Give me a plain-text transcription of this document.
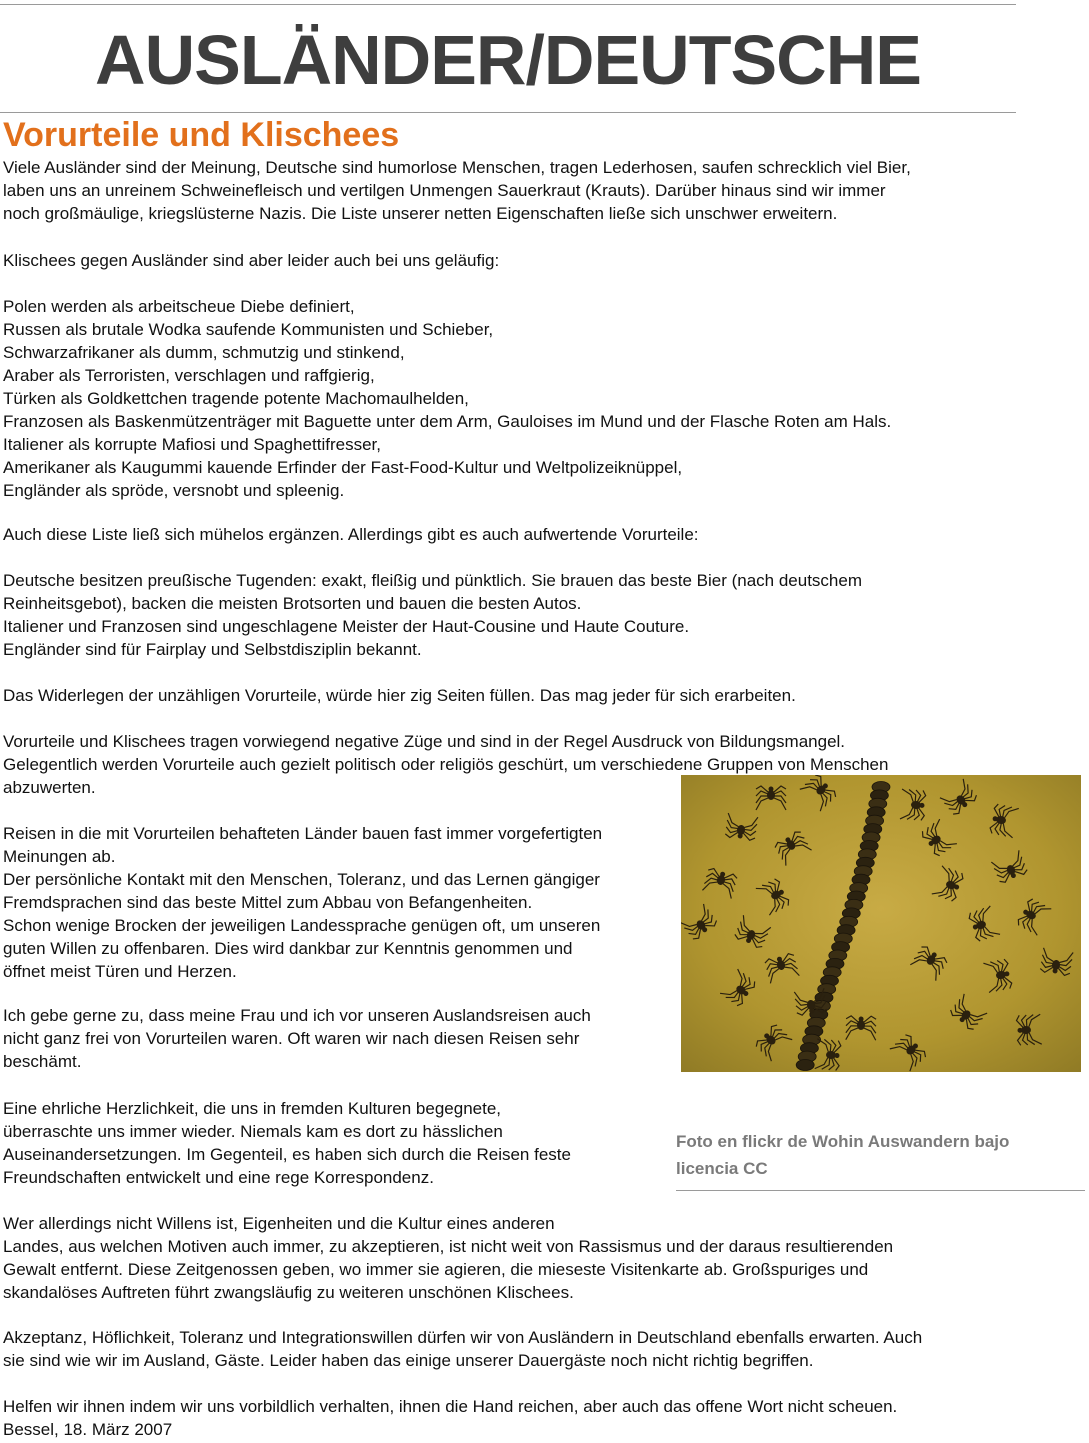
AUSLÄNDER/DEUTSCHE
Vorurteile und Klischees
Viele Ausländer sind der Meinung, Deutsche sind humorlose Menschen, tragen Lederhosen, saufen schrecklich viel Bier,
laben uns an unreinem Schweinefleisch und vertilgen Unmengen Sauerkraut (Krauts). Darüber hinaus sind wir immer
noch großmäulige, kriegslüsterne Nazis. Die Liste unserer netten Eigenschaften ließe sich unschwer erweitern.
Klischees gegen Ausländer sind aber leider auch bei uns geläufig:
Polen werden als arbeitscheue Diebe definiert,
Russen als brutale Wodka saufende Kommunisten und Schieber,
Schwarzafrikaner als dumm, schmutzig und stinkend,
Araber als Terroristen, verschlagen und raffgierig,
Türken als Goldkettchen tragende potente Machomaulhelden,
Franzosen als Baskenmützenträger mit Baguette unter dem Arm, Gauloises im Mund und der Flasche Roten am Hals.
Italiener als korrupte Mafiosi und Spaghettifresser,
Amerikaner als Kaugummi kauende Erfinder der Fast-Food-Kultur und Weltpolizeiknüppel,
Engländer als spröde, versnobt und spleenig.
Auch diese Liste ließ sich mühelos ergänzen. Allerdings gibt es auch aufwertende Vorurteile:
Deutsche besitzen preußische Tugenden: exakt, fleißig und pünktlich. Sie brauen das beste Bier (nach deutschem
Reinheitsgebot), backen die meisten Brotsorten und bauen die besten Autos.
Italiener und Franzosen sind ungeschlagene Meister der Haut-Cousine und Haute Couture.
Engländer sind für Fairplay und Selbstdisziplin bekannt.
Das Widerlegen der unzähligen Vorurteile, würde hier zig Seiten füllen. Das mag jeder für sich erarbeiten.
Vorurteile und Klischees tragen vorwiegend negative Züge und sind in der Regel Ausdruck von Bildungsmangel.
Gelegentlich werden Vorurteile auch gezielt politisch oder religiös geschürt, um verschiedene Gruppen von Menschen
abzuwerten.
Foto en flickr de Wohin Auswandern bajo
licencia CC
Reisen in die mit Vorurteilen behafteten Länder bauen fast immer vorgefertigten
Meinungen ab.
Der persönliche Kontakt mit den Menschen, Toleranz, und das Lernen gängiger
Fremdsprachen sind das beste Mittel zum Abbau von Befangenheiten.
Schon wenige Brocken der jeweiligen Landessprache genügen oft, um unseren
guten Willen zu offenbaren. Dies wird dankbar zur Kenntnis genommen und
öffnet meist Türen und Herzen.
Ich gebe gerne zu, dass meine Frau und ich vor unseren Auslandsreisen auch
nicht ganz frei von Vorurteilen waren. Oft waren wir nach diesen Reisen sehr
beschämt.
Eine ehrliche Herzlichkeit, die uns in fremden Kulturen begegnete,
überraschte uns immer wieder. Niemals kam es dort zu hässlichen
Auseinandersetzungen. Im Gegenteil, es haben sich durch die Reisen feste
Freundschaften entwickelt und eine rege Korrespondenz.
Wer allerdings nicht Willens ist, Eigenheiten und die Kultur eines anderen
Landes, aus welchen Motiven auch immer, zu akzeptieren, ist nicht weit von Rassismus und der daraus resultierenden
Gewalt entfernt. Diese Zeitgenossen geben, wo immer sie agieren, die mieseste Visitenkarte ab. Großspuriges und
skandalöses Auftreten führt zwangsläufig zu weiteren unschönen Klischees.
Akzeptanz, Höflichkeit, Toleranz und Integrationswillen dürfen wir von Ausländern in Deutschland ebenfalls erwarten. Auch
sie sind wie wir im Ausland, Gäste. Leider haben das einige unserer Dauergäste noch nicht richtig begriffen.
Helfen wir ihnen indem wir uns vorbildlich verhalten, ihnen die Hand reichen, aber auch das offene Wort nicht scheuen.
Bessel, 18. März 2007
